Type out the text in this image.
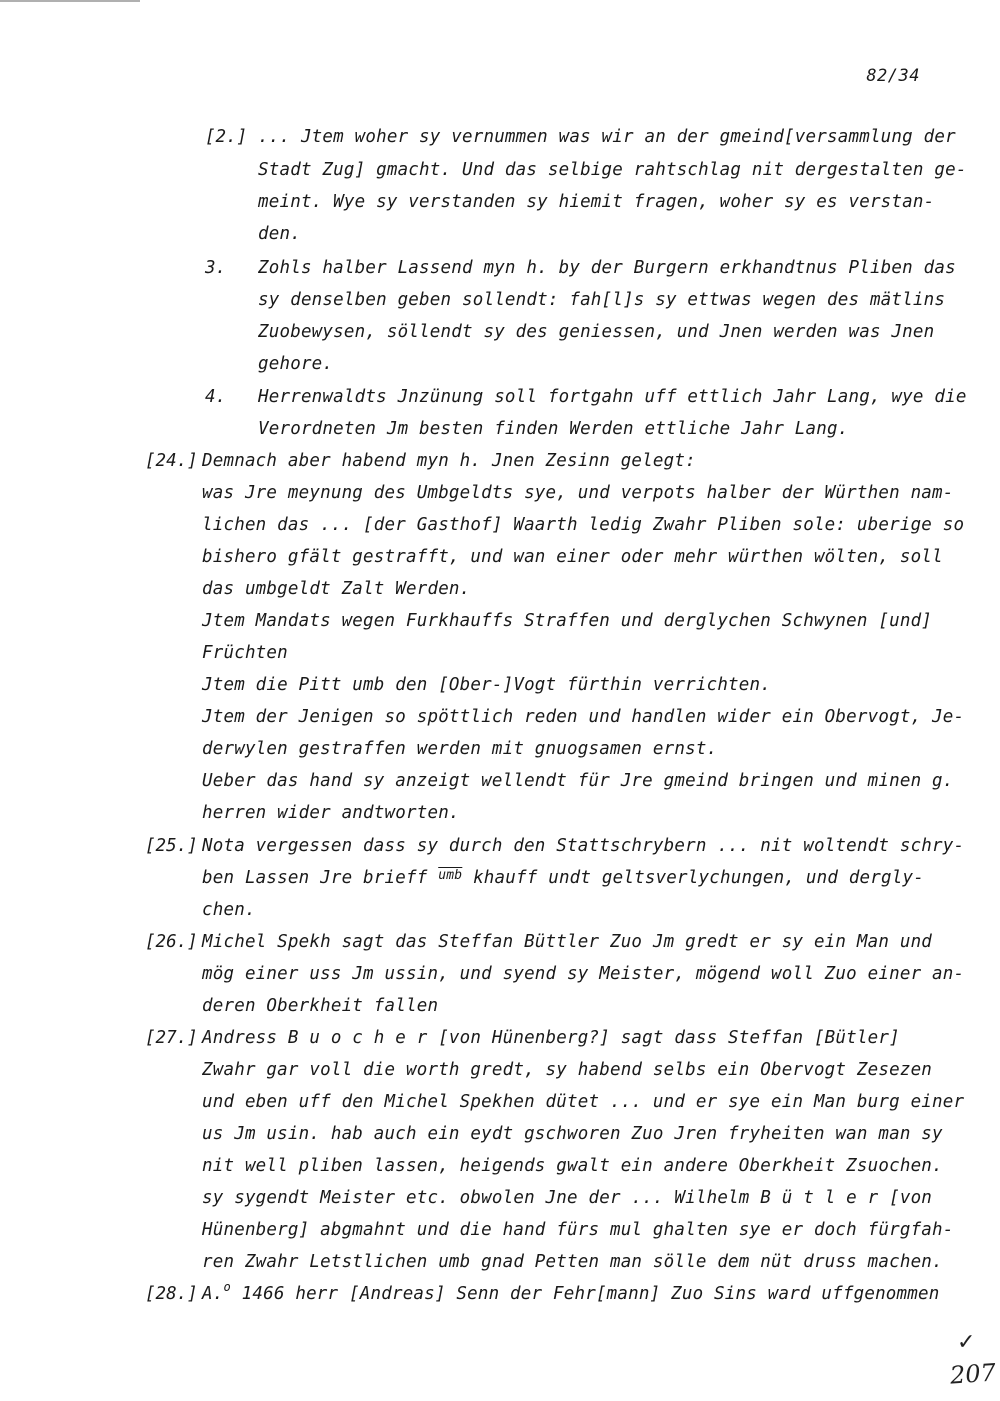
82/34
[2.] ... Jtem woher sy vernummen was wir an der gmeind[versammlung der
Stadt Zug] gmacht. Und das selbige rahtschlag nit dergestalten ge-
meint. Wye sy verstanden sy hiemit fragen, woher sy es verstan-
den.
3. Zohls halber Lassend myn h. by der Burgern erkhandtnus Pliben das
sy denselben geben sollendt: fah[l]s sy ettwas wegen des mätlins
Zuobewysen, söllendt sy des geniessen, und Jnen werden was Jnen
gehore.
4. Herrenwaldts Jnzünung soll fortgahn uff ettlich Jahr Lang, wye die
Verordneten Jm besten finden Werden ettliche Jahr Lang.
[24.] Demnach aber habend myn h. Jnen Zesinn gelegt:
was Jre meynung des Umbgeldts sye, und verpots halber der Würthen nam-
lichen das ... [der Gasthof] Waarth ledig Zwahr Pliben sole: uberige so
bishero gfält gestrafft, und wan einer oder mehr würthen wölten, soll
das umbgeldt Zalt Werden.
Jtem Mandats wegen Furkhauffs Straffen und derglychen Schwynen [und]
Früchten
Jtem die Pitt umb den [Ober-]Vogt fürthin verrichten.
Jtem der Jenigen so spöttlich reden und handlen wider ein Obervogt, Je-
derwylen gestraffen werden mit gnuogsamen ernst.
Ueber das hand sy anzeigt wellendt für Jre gmeind bringen und minen g.
herren wider andtworten.
[25.] Nota vergessen dass sy durch den Stattschrybern ... nit woltendt schry-
ben Lassen Jre brieff $^{\overline{umb}}$ khauff undt geltsverlychungen, und dergly-
chen.
[26.] Michel Spekh sagt das Steffan Büttler Zuo Jm gredt er sy ein Man und
mög einer uss Jm ussin, und syend sy Meister, mögend woll Zuo einer an-
deren Oberkheit fallen
[27.] Andress B u o c h e r [von Hünenberg?] sagt dass Steffan [Bütler]
Zwahr gar voll die worth gredt, sy habend selbs ein Obervogt Zesezen
und eben uff den Michel Spekhen dütet ... und er sye ein Man burg einer
us Jm usin. hab auch ein eydt gschworen Zuo Jren fryheiten wan man sy
nit well pliben lassen, heigends gwalt ein andere Oberkheit Zsuochen.
sy sygendt Meister etc. obwolen Jne der ... Wilhelm B ü t l e r [von
Hünenberg] abgmahnt und die hand fürs mul ghalten sye er doch fürgfah-
ren Zwahr Letstlichen umb gnad Petten man sölle dem nüt druss machen.
[28.] A.$^o$ 1466 herr [Andreas] Senn der Fehr[mann] Zuo Sins ward uffgenommen
✓
207
